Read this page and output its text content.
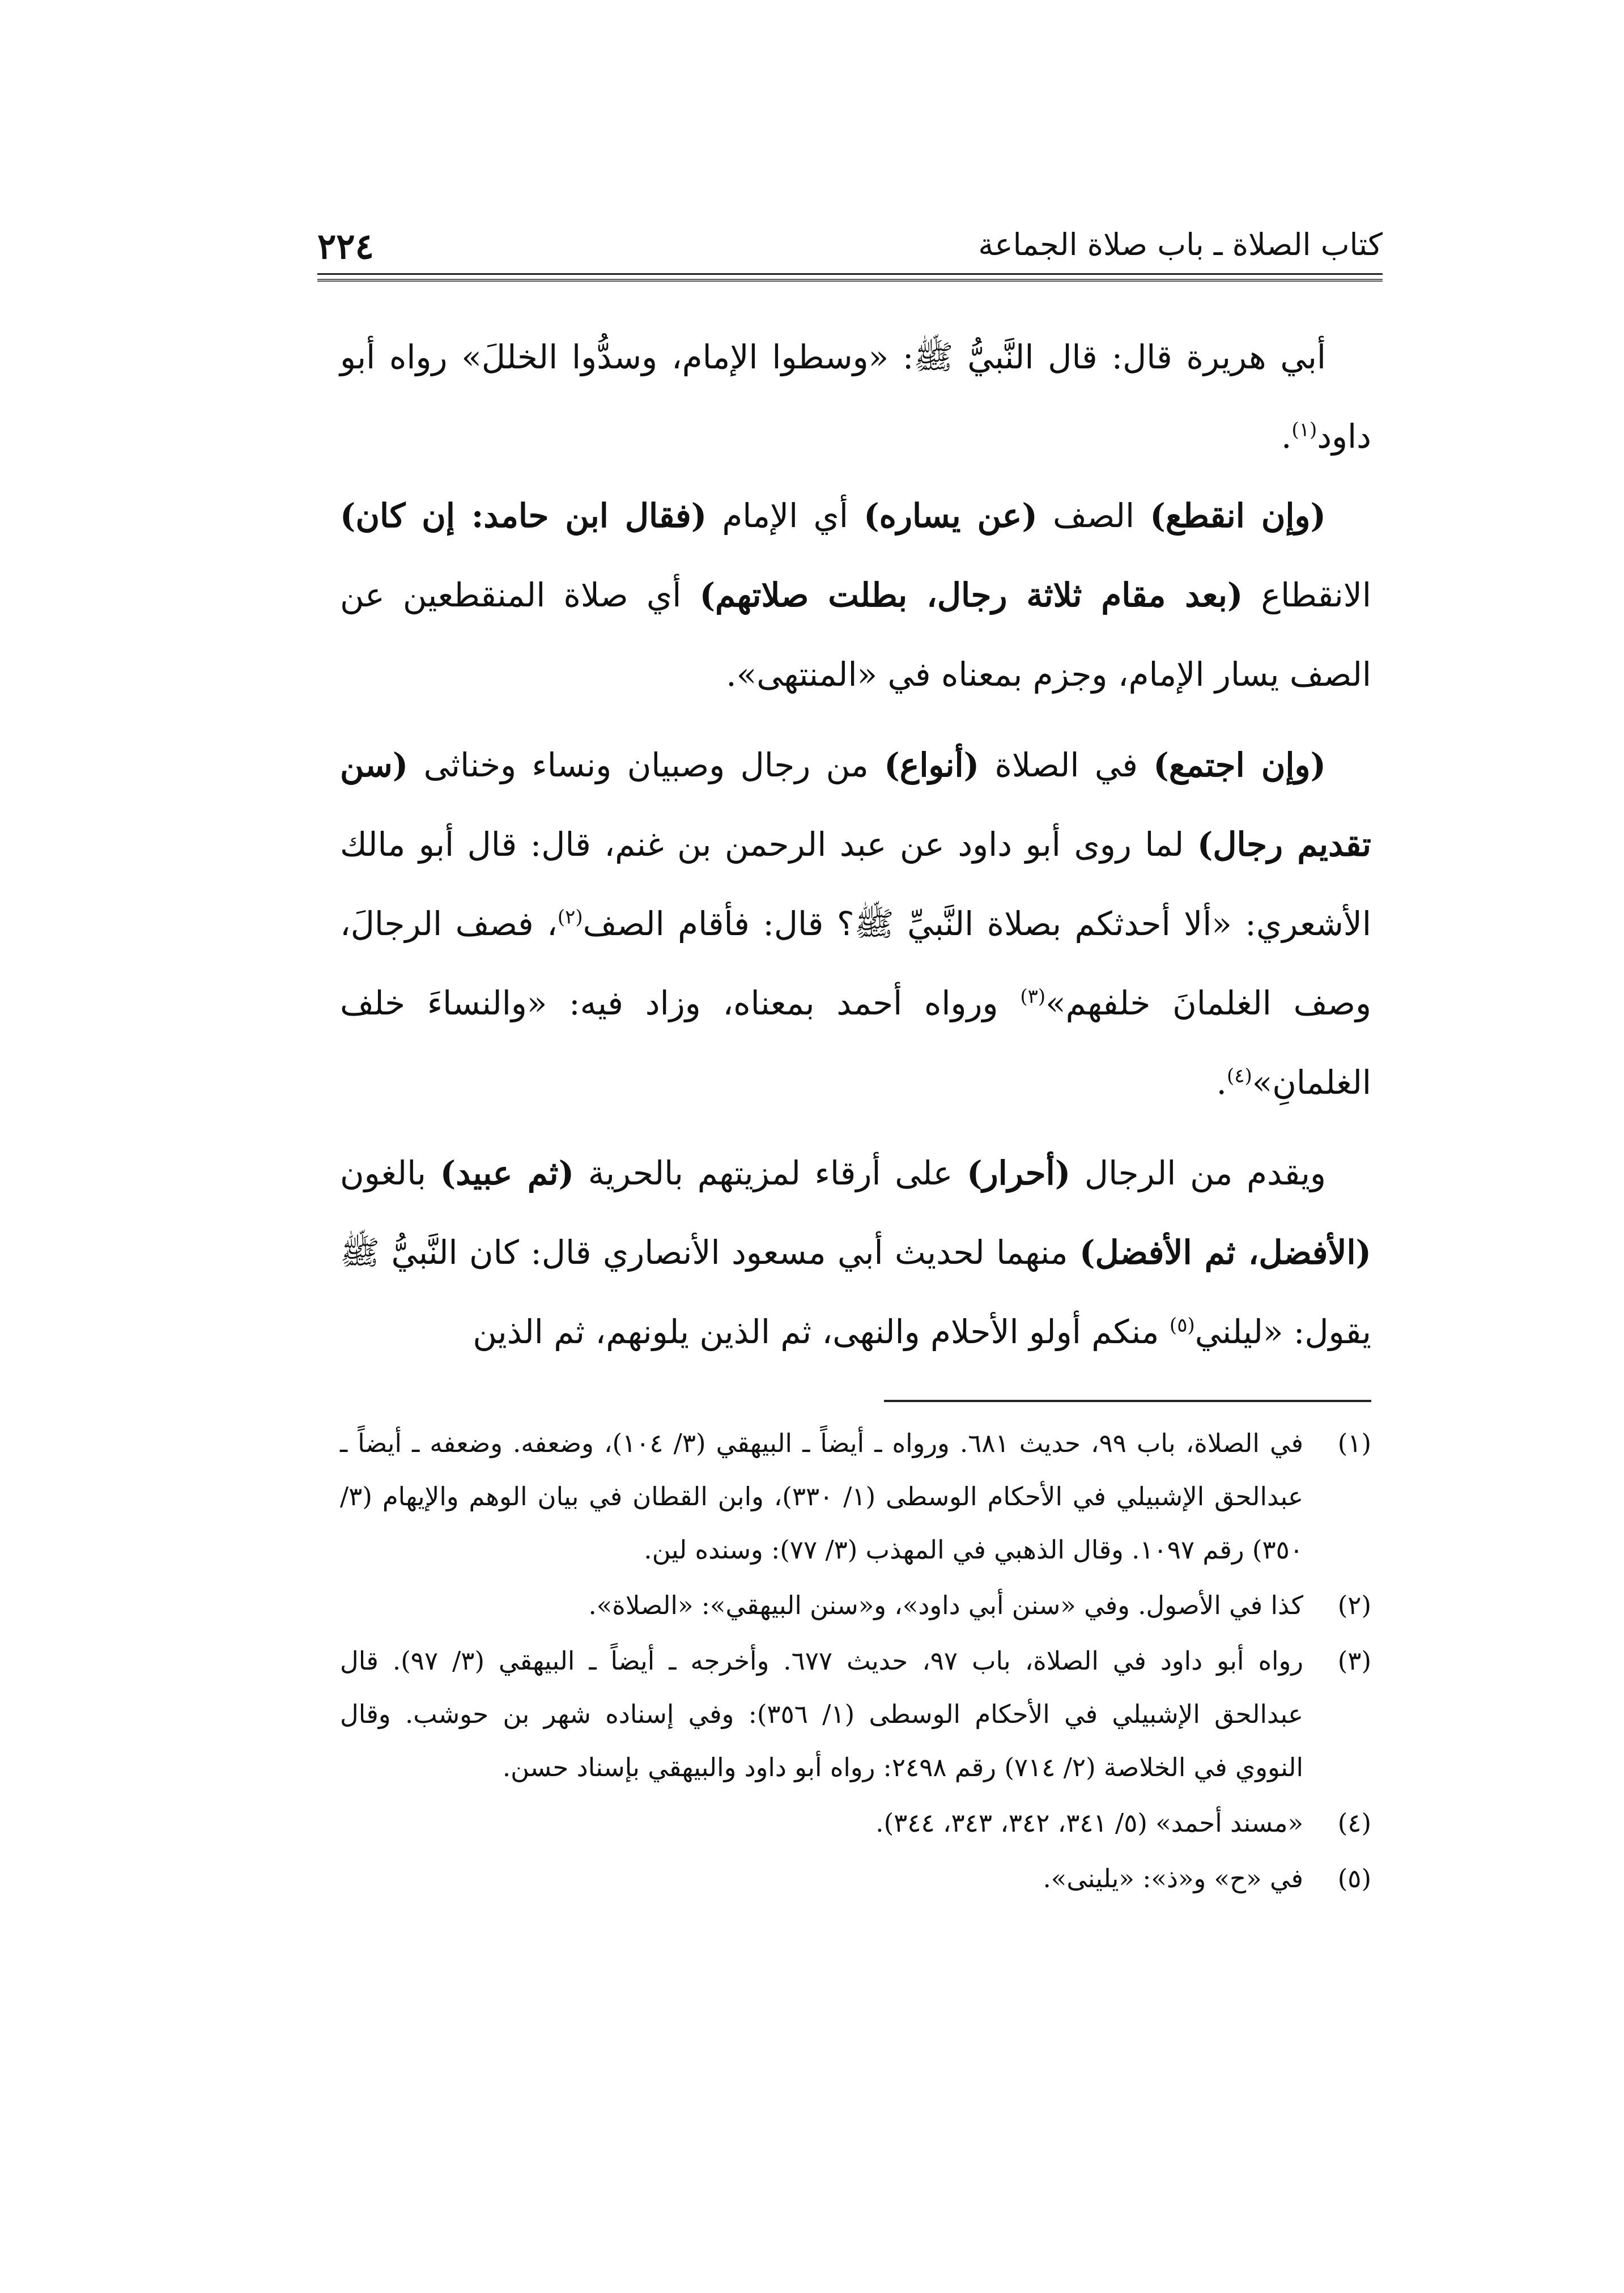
كتاب الصلاة ـ باب صلاة الجماعة
٢٢٤

أبي هريرة قال: قال النَّبيُّ ﷺ: «وسطوا الإمام، وسدُّوا الخللَ» رواه أبو داود$^{(١)}$.

(وإن انقطع) الصف (عن يساره) أي الإمام (فقال ابن حامد: إن كان) الانقطاع (بعد مقام ثلاثة رجال، بطلت صلاتهم) أي صلاة المنقطعين عن الصف يسار الإمام، وجزم بمعناه في «المنتهى».

(وإن اجتمع) في الصلاة (أنواع) من رجال وصبيان ونساء وخناثى (سن تقديم رجال) لما روى أبو داود عن عبد الرحمن بن غنم، قال: قال أبو مالك الأشعري: «ألا أحدثكم بصلاة النَّبيِّ ﷺ؟ قال: فأقام الصف$^{(٢)}$، فصف الرجالَ، وصف الغلمانَ خلفهم»$^{(٣)}$ ورواه أحمد بمعناه، وزاد فيه: «والنساءَ خلف الغلمانِ»$^{(٤)}$.

ويقدم من الرجال (أحرار) على أرقاء لمزيتهم بالحرية (ثم عبيد) بالغون (الأفضل، ثم الأفضل) منهما لحديث أبي مسعود الأنصاري قال: كان النَّبيُّ ﷺ يقول: «ليلني$^{(٥)}$ منكم أولو الأحلام والنهى، ثم الذين يلونهم، ثم الذين

(١)
في الصلاة، باب ٩٩، حديث ٦٨١. ورواه ـ أيضاً ـ البيهقي (٣/ ١٠٤)، وضعفه. وضعفه ـ أيضاً ـ عبدالحق الإشبيلي في الأحكام الوسطى (١/ ٣٣٠)، وابن القطان في بيان الوهم والإيهام (٣/ ٣٥٠) رقم ١٠٩٧. وقال الذهبي في المهذب (٣/ ٧٧): وسنده لين.
(٢)
كذا في الأصول. وفي «سنن أبي داود»، و«سنن البيهقي»: «الصلاة».
(٣)
رواه أبو داود في الصلاة، باب ٩٧، حديث ٦٧٧. وأخرجه ـ أيضاً ـ البيهقي (٣/ ٩٧). قال عبدالحق الإشبيلي في الأحكام الوسطى (١/ ٣٥٦): وفي إسناده شهر بن حوشب. وقال النووي في الخلاصة (٢/ ٧١٤) رقم ٢٤٩٨: رواه أبو داود والبيهقي بإسناد حسن.
(٤)
«مسند أحمد» (٥/ ٣٤١، ٣٤٢، ٣٤٣، ٣٤٤).
(٥)
في «ح» و«ذ»: «يلينى».
